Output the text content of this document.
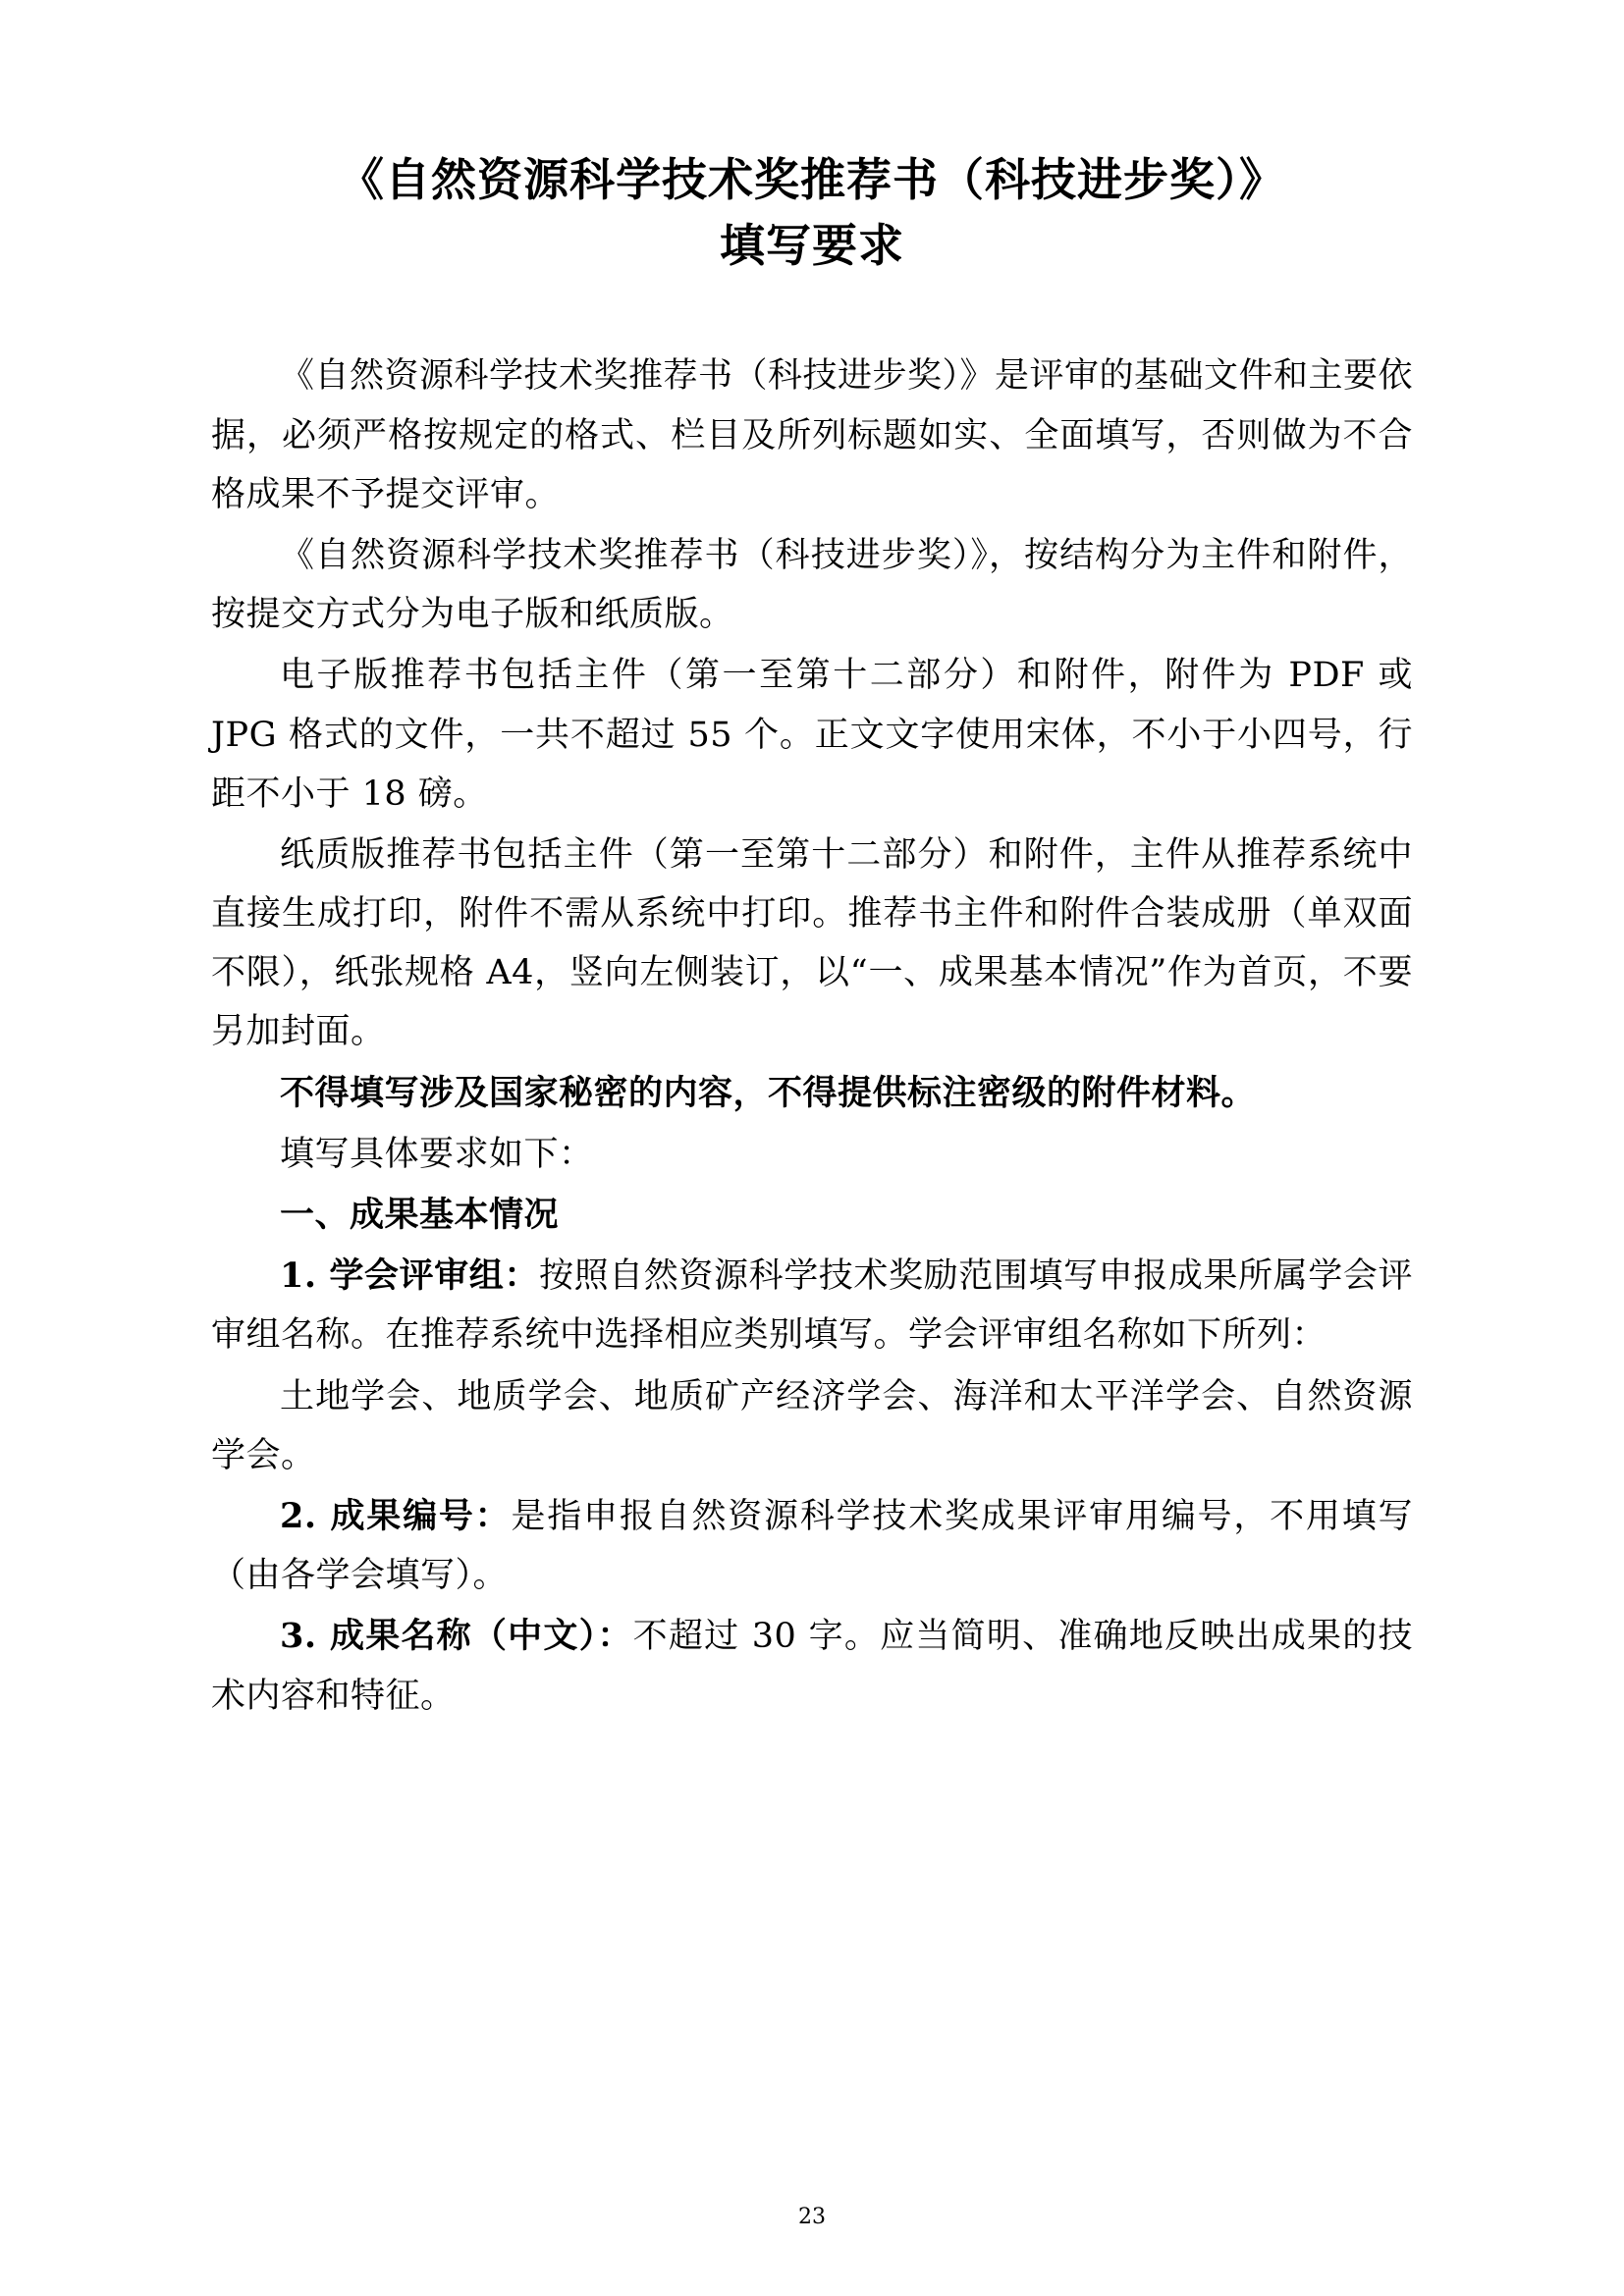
《自然资源科学技术奖推荐书（科技进步奖）》
填写要求

《自然资源科学技术奖推荐书（科技进步奖）》是评审的基础文件和主要依据，必须严格按规定的格式、栏目及所列标题如实、全面填写，否则做为不合格成果不予提交评审。

《自然资源科学技术奖推荐书（科技进步奖）》，按结构分为主件和附件，按提交方式分为电子版和纸质版。

电子版推荐书包括主件（第一至第十二部分）和附件，附件为 PDF 或 JPG 格式的文件，一共不超过 55 个。正文文字使用宋体，不小于小四号，行距不小于 18 磅。

纸质版推荐书包括主件（第一至第十二部分）和附件，主件从推荐系统中直接生成打印，附件不需从系统中打印。推荐书主件和附件合装成册（单双面不限），纸张规格 A4，竖向左侧装订，以“一、成果基本情况”作为首页，不要另加封面。

不得填写涉及国家秘密的内容，不得提供标注密级的附件材料。

填写具体要求如下：

一、成果基本情况

1. 学会评审组：按照自然资源科学技术奖励范围填写申报成果所属学会评审组名称。在推荐系统中选择相应类别填写。学会评审组名称如下所列：

土地学会、地质学会、地质矿产经济学会、海洋和太平洋学会、自然资源学会。

2. 成果编号：是指申报自然资源科学技术奖成果评审用编号，不用填写（由各学会填写）。

3. 成果名称（中文）：不超过 30 字。应当简明、准确地反映出成果的技术内容和特征。

23
